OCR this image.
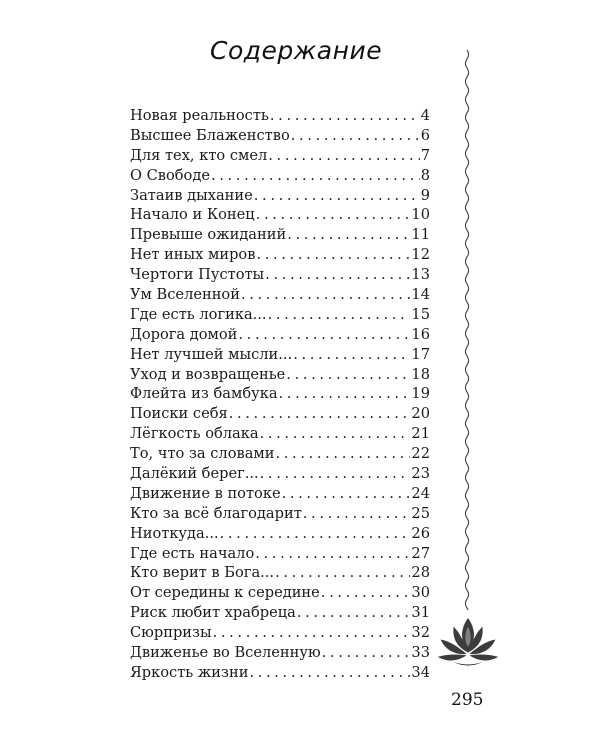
Содержание
Новая реальность . . .	4
Высшее Блаженство . . .	6
Для тех, кто смел . . .	7
О Свободе . . .	8
Затаив дыхание . . .	9
Начало и Конец . . .	10
Превыше ожиданий . . .	11
Нет иных миров . . .	12
Чертоги Пустоты . . .	13
Ум Вселенной . . .	14
Где есть логика... . . .	15
Дорога домой . . .	16
Нет лучшей мысли... . . .	17
Уход и возвращенье . . .	18
Флейта из бамбука . . .	19
Поиски себя . . .	20
Лёгкость облака . . .	21
То, что за словами . . .	22
Далёкий берег... . . .	23
Движение в потоке . . .	24
Кто за всё благодарит . . .	25
Ниоткуда... . . .	26
Где есть начало . . .	27
Кто верит в Бога... . . .	28
От середины к середине . . .	30
Риск любит храбреца . . .	31
Сюрпризы . . .	32
Движенье во Вселенную . . .	33
Яркость жизни . . .	34
295
